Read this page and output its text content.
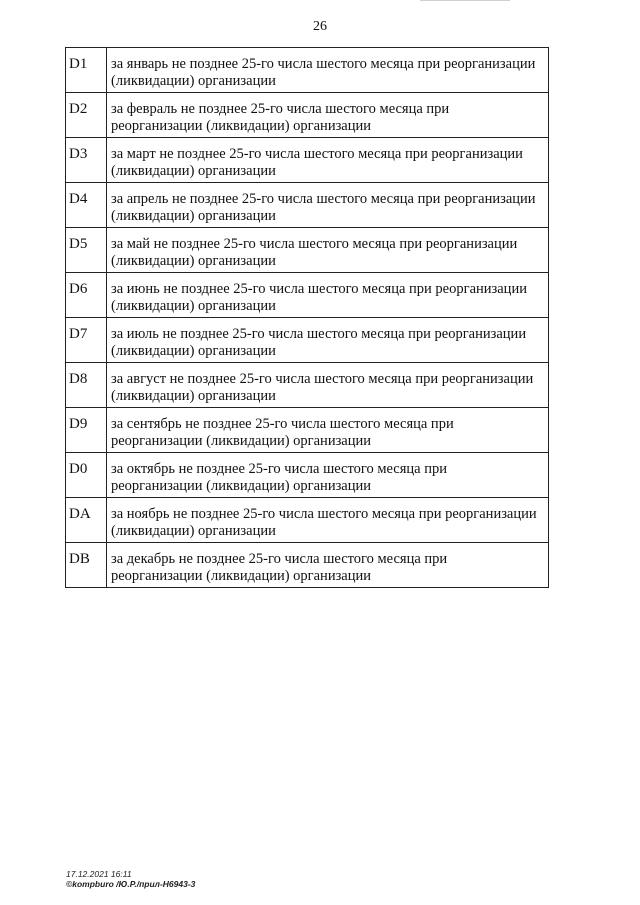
26
D1	за январь не позднее 25-го числа шестого месяца при реорганизации (ликвидации) организации
D2	за февраль не позднее 25-го числа шестого месяца при реорганизации (ликвидации) организации
D3	за март не позднее 25-го числа шестого месяца при реорганизации (ликвидации) организации
D4	за апрель не позднее 25-го числа шестого месяца при реорганизации (ликвидации) организации
D5	за май не позднее 25-го числа шестого месяца при реорганизации (ликвидации) организации
D6	за июнь не позднее 25-го числа шестого месяца при реорганизации (ликвидации) организации
D7	за июль не позднее 25-го числа шестого месяца при реорганизации (ликвидации) организации
D8	за август не позднее 25-го числа шестого месяца при реорганизации (ликвидации) организации
D9	за сентябрь не позднее 25-го числа шестого месяца при реорганизации (ликвидации) организации
D0	за октябрь не позднее 25-го числа шестого месяца при реорганизации (ликвидации) организации
DA	за ноябрь не позднее 25-го числа шестого месяца при реорганизации (ликвидации) организации
DB	за декабрь не позднее 25-го числа шестого месяца при реорганизации (ликвидации) организации
17.12.2021 16:11
©kompburo /Ю.Р./прил-Н6943-3
